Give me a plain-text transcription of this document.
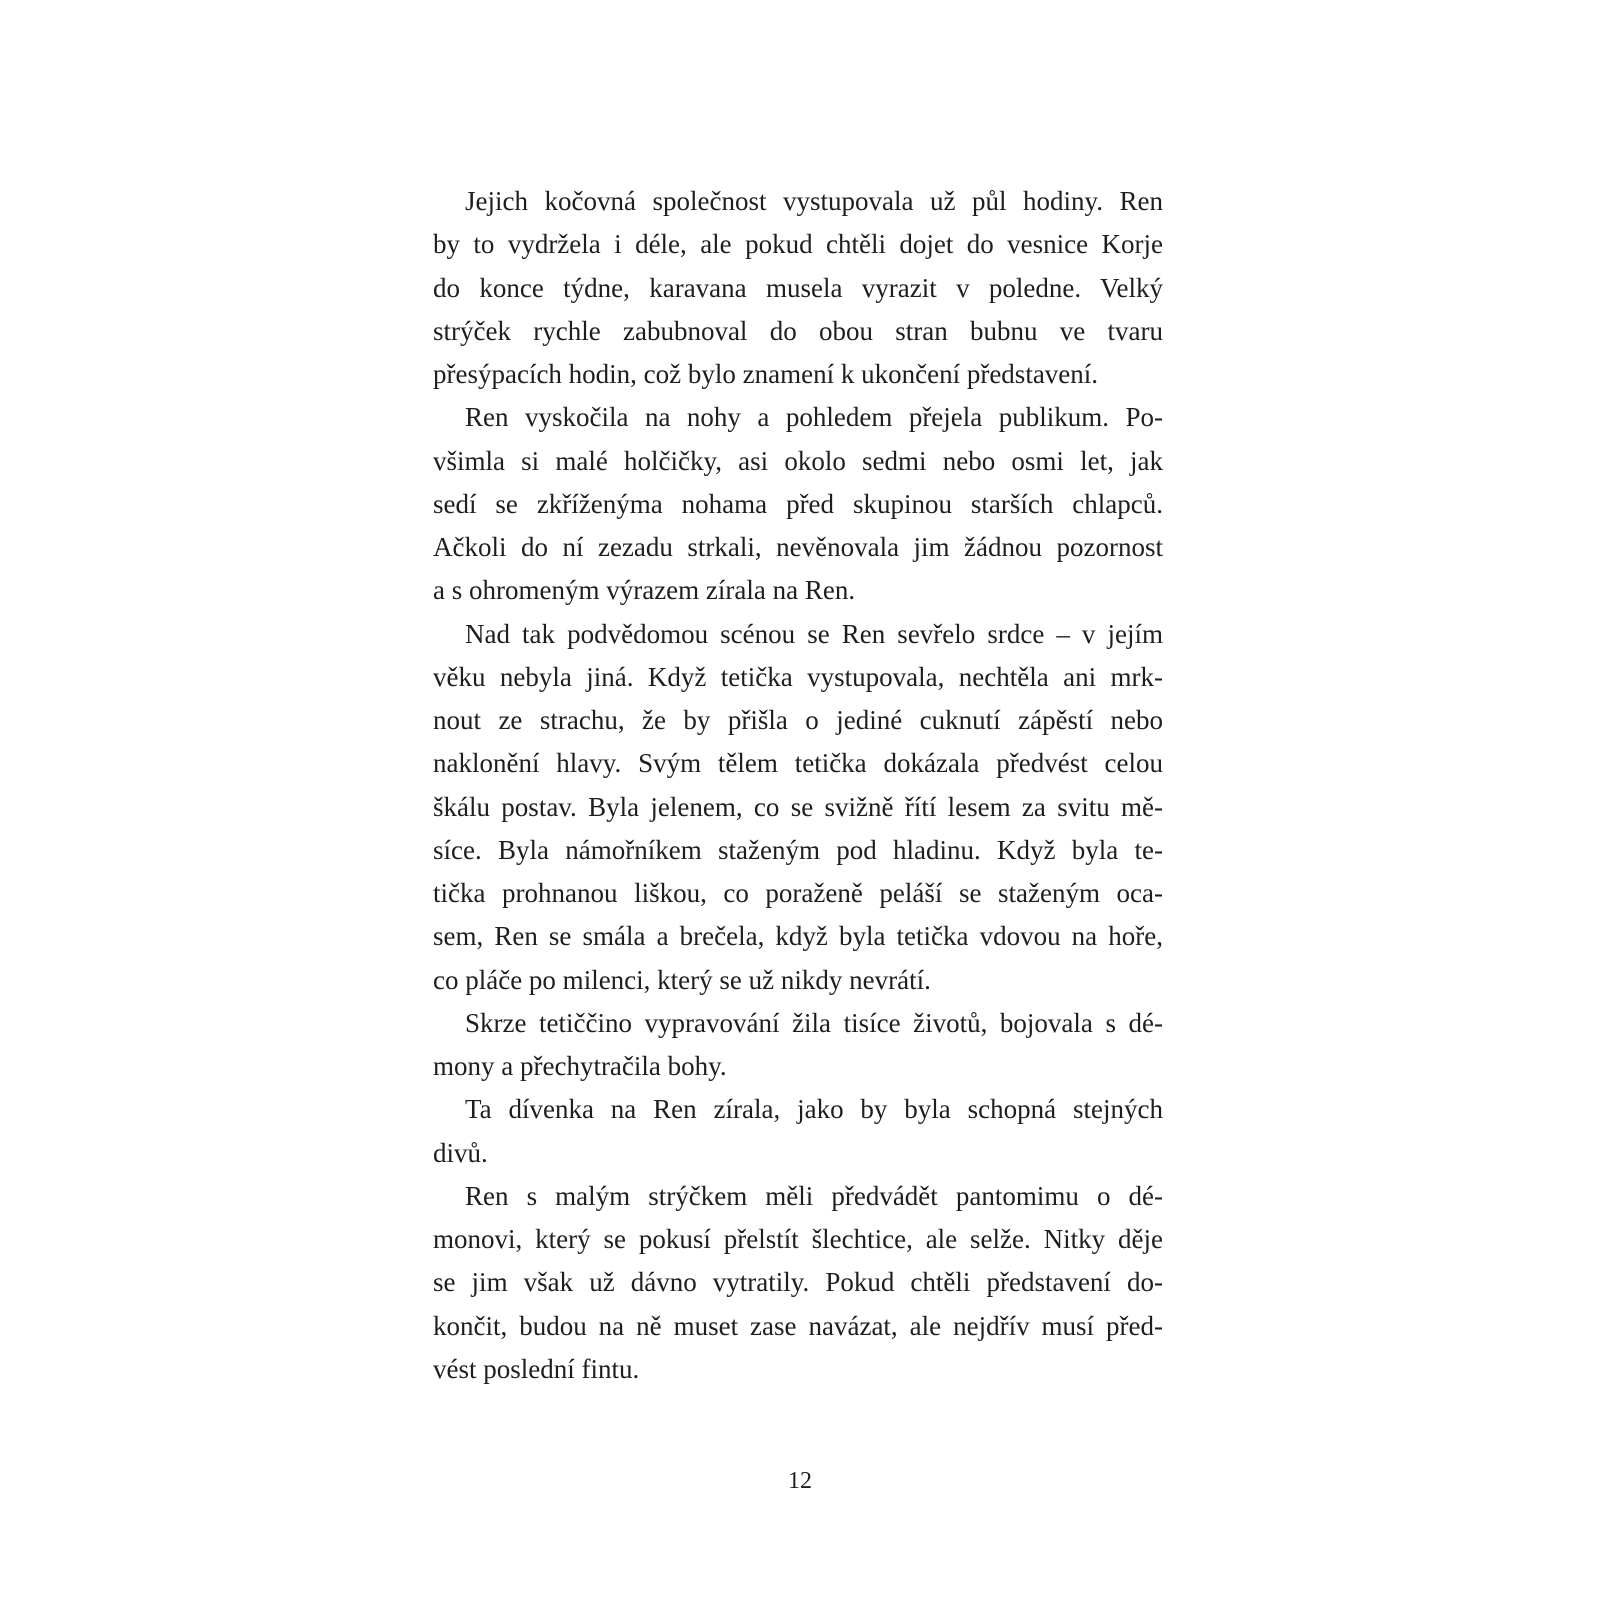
Jejich kočovná společnost vystupovala už půl hodiny. Ren
by to vydržela i déle, ale pokud chtěli dojet do vesnice Korje
do konce týdne, karavana musela vyrazit v poledne. Velký
strýček rychle zabubnoval do obou stran bubnu ve tvaru
přesýpacích hodin, což bylo znamení k ukončení představení.

Ren vyskočila na nohy a pohledem přejela publikum. Po-
všimla si malé holčičky, asi okolo sedmi nebo osmi let, jak
sedí se zkříženýma nohama před skupinou starších chlapců.
Ačkoli do ní zezadu strkali, nevěnovala jim žádnou pozornost
a s ohromeným výrazem zírala na Ren.

Nad tak podvědomou scénou se Ren sevřelo srdce – v jejím
věku nebyla jiná. Když tetička vystupovala, nechtěla ani mrk-
nout ze strachu, že by přišla o jediné cuknutí zápěstí nebo
naklonění hlavy. Svým tělem tetička dokázala předvést celou
škálu postav. Byla jelenem, co se svižně řítí lesem za svitu mě-
síce. Byla námořníkem staženým pod hladinu. Když byla te-
tička prohnanou liškou, co poraženě peláší se staženým oca-
sem, Ren se smála a brečela, když byla tetička vdovou na hoře,
co pláče po milenci, který se už nikdy nevrátí.

Skrze tetiččino vypravování žila tisíce životů, bojovala s dé-
mony a přechytračila bohy.

Ta dívenka na Ren zírala, jako by byla schopná stejných
divů.

Ren s malým strýčkem měli předvádět pantomimu o dé-
monovi, který se pokusí přelstít šlechtice, ale selže. Nitky děje
se jim však už dávno vytratily. Pokud chtěli představení do-
končit, budou na ně muset zase navázat, ale nejdřív musí před-
vést poslední fintu.

12
